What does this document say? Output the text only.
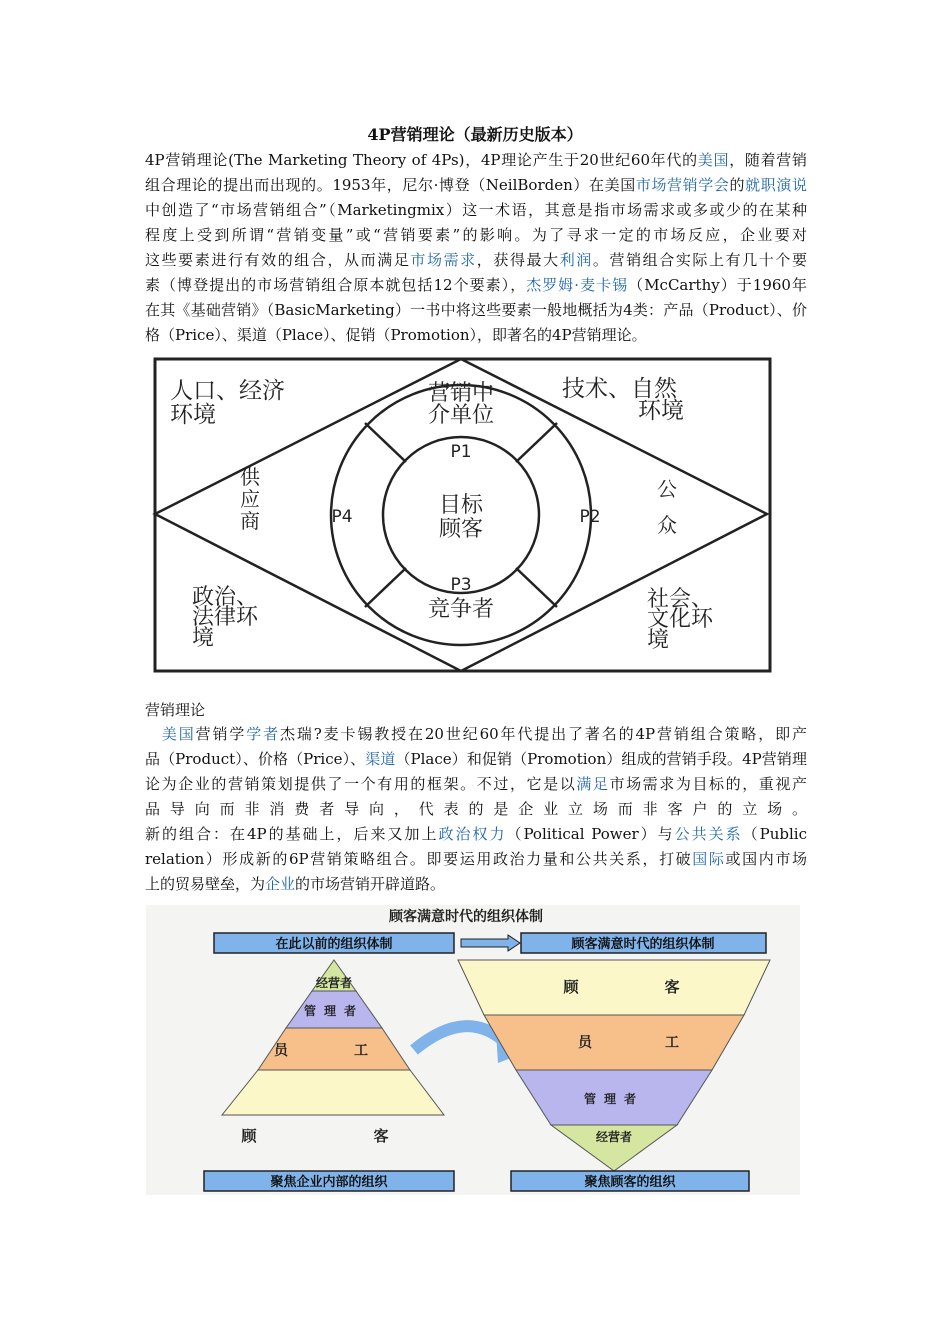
4P营销理论（最新历史版本）
4P营销理论(The Marketing Theory of 4Ps)，4P理论产生于20世纪60年代的美国，随着营销
组合理论的提出而出现的。1953年，尼尔·博登（NeilBorden）在美国市场营销学会的就职演说
中创造了“市场营销组合”（Marketingmix）这一术语，其意是指市场需求或多或少的在某种
程度上受到所谓“营销变量”或“营销要素”的影响。为了寻求一定的市场反应，企业要对
这些要素进行有效的组合，从而满足市场需求，获得最大利润。营销组合实际上有几十个要
素（博登提出的市场营销组合原本就包括12个要素），杰罗姆·麦卡锡（McCarthy）于1960年
在其《基础营销》（BasicMarketing）一书中将这些要素一般地概括为4类：产品（Product）、价
格（Price）、渠道（Place）、促销（Promotion），即著名的4P营销理论。
人口、经济
环境
技术、自然
环境
政治、
法律环
境
社会、
文化环
境
营销中
介单位
供
应
商
公
众
竞争者
P1
P2
P3
P4	目标
顾客
营销理论
　美国营销学学者杰瑞?麦卡锡教授在20世纪60年代提出了著名的4P营销组合策略，即产
品（Product）、价格（Price）、渠道（Place）和促销（Promotion）组成的营销手段。4P营销理
论为企业的营销策划提供了一个有用的框架。不过，它是以满足市场需求为目标的，重视产
品导向而非消费者导向，代表的是企业立场而非客户的立场。
新的组合：在4P的基础上，后来又加上政治权力（Political Power）与公共关系（Public
relation）形成新的6P营销策略组合。即要运用政治力量和公共关系，打破国际或国内市场
上的贸易壁垒，为企业的市场营销开辟道路。
顾客满意时代的组织体制
在此以前的组织体制	顾客满意时代的组织体制
经营者
管理者
员	工
顾	客
顾	客
员	工
管理者
经营者
聚焦企业内部的组织	聚焦顾客的组织
